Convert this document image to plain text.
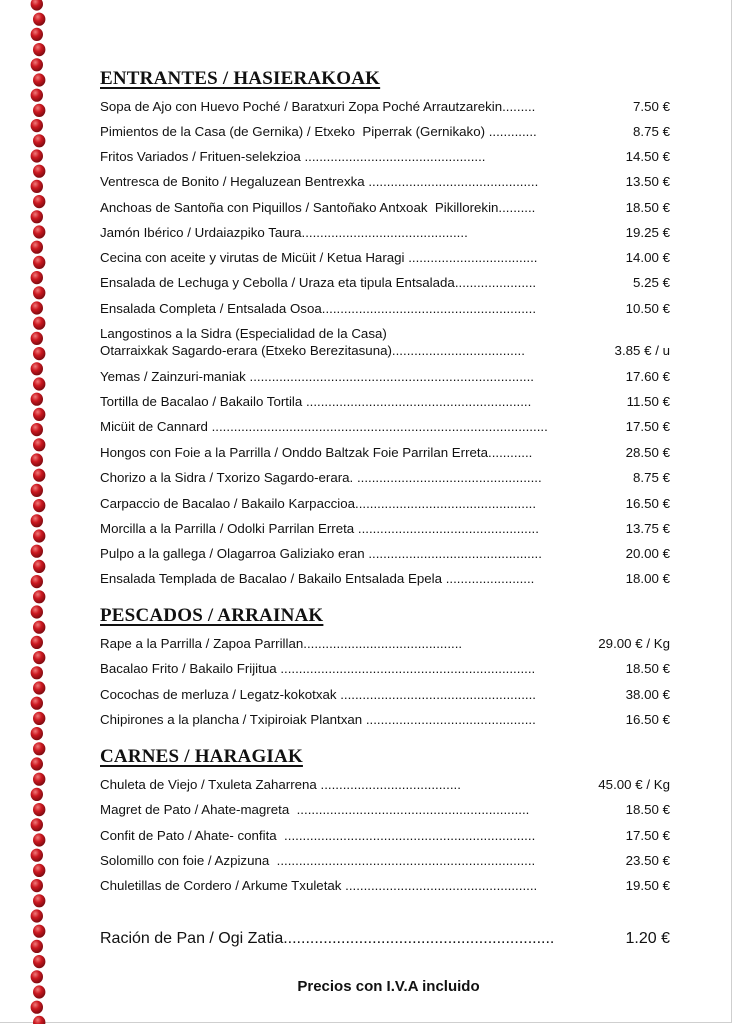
ENTRANTES / HASIERAKOAK
Sopa de Ajo con Huevo Poché / Baratxuri Zopa Poché Arrautzarekin.........	7.50 €
Pimientos de la Casa (de Gernika) / Etxeko  Piperrak (Gernikako) .............	8.75 €
Fritos Variados / Frituen-selekzioa .................................................	14.50 €
Ventresca de Bonito / Hegaluzean Bentrexka ..............................................	13.50 €
Anchoas de Santoña con Piquillos / Santoñako Antxoak  Pikillorekin..........	18.50 €
Jamón Ibérico / Urdaiazpiko Taura.............................................	19.25 €
Cecina con aceite y virutas de Micüit / Ketua Haragi ...................................	14.00 €
Ensalada de Lechuga y Cebolla / Uraza eta tipula Entsalada......................	5.25 €
Ensalada Completa / Entsalada Osoa..........................................................	10.50 €
Langostinos a la Sidra (Especialidad de la Casa)
Otarraixkak Sagardo-erara (Etxeko Berezitasuna)....................................	3.85 € / u
Yemas / Zainzuri-maniak .............................................................................	17.60 €
Tortilla de Bacalao / Bakailo Tortila .............................................................	11.50 €
Micüit de Cannard ...........................................................................................	17.50 €
Hongos con Foie a la Parrilla / Onddo Baltzak Foie Parrilan Erreta............	28.50 €
Chorizo a la Sidra / Txorizo Sagardo-erara. ..................................................	8.75 €
Carpaccio de Bacalao / Bakailo Karpaccioa.................................................	16.50 €
Morcilla a la Parrilla / Odolki Parrilan Erreta .................................................	13.75 €
Pulpo a la gallega / Olagarroa Galiziako eran ...............................................	20.00 €
Ensalada Templada de Bacalao / Bakailo Entsalada Epela ........................	18.00 €
PESCADOS / ARRAINAK
Rape a la Parrilla / Zapoa Parrillan...........................................	29.00 € / Kg
Bacalao Frito / Bakailo Frijitua .....................................................................	18.50 €
Cocochas de merluza / Legatz-kokotxak .....................................................	38.00 €
Chipirones a la plancha / Txipiroiak Plantxan ..............................................	16.50 €
CARNES / HARAGIAK
Chuleta de Viejo / Txuleta Zaharrena ......................................	45.00 € / Kg
Magret de Pato / Ahate-magreta  ...............................................................	18.50 €
Confit de Pato / Ahate- confita  ....................................................................	17.50 €
Solomillo con foie / Azpizuna  ......................................................................	23.50 €
Chuletillas de Cordero / Arkume Txuletak ....................................................	19.50 €
Ración de Pan / Ogi Zatia.............................................................	1.20 €
Precios con I.V.A incluido
